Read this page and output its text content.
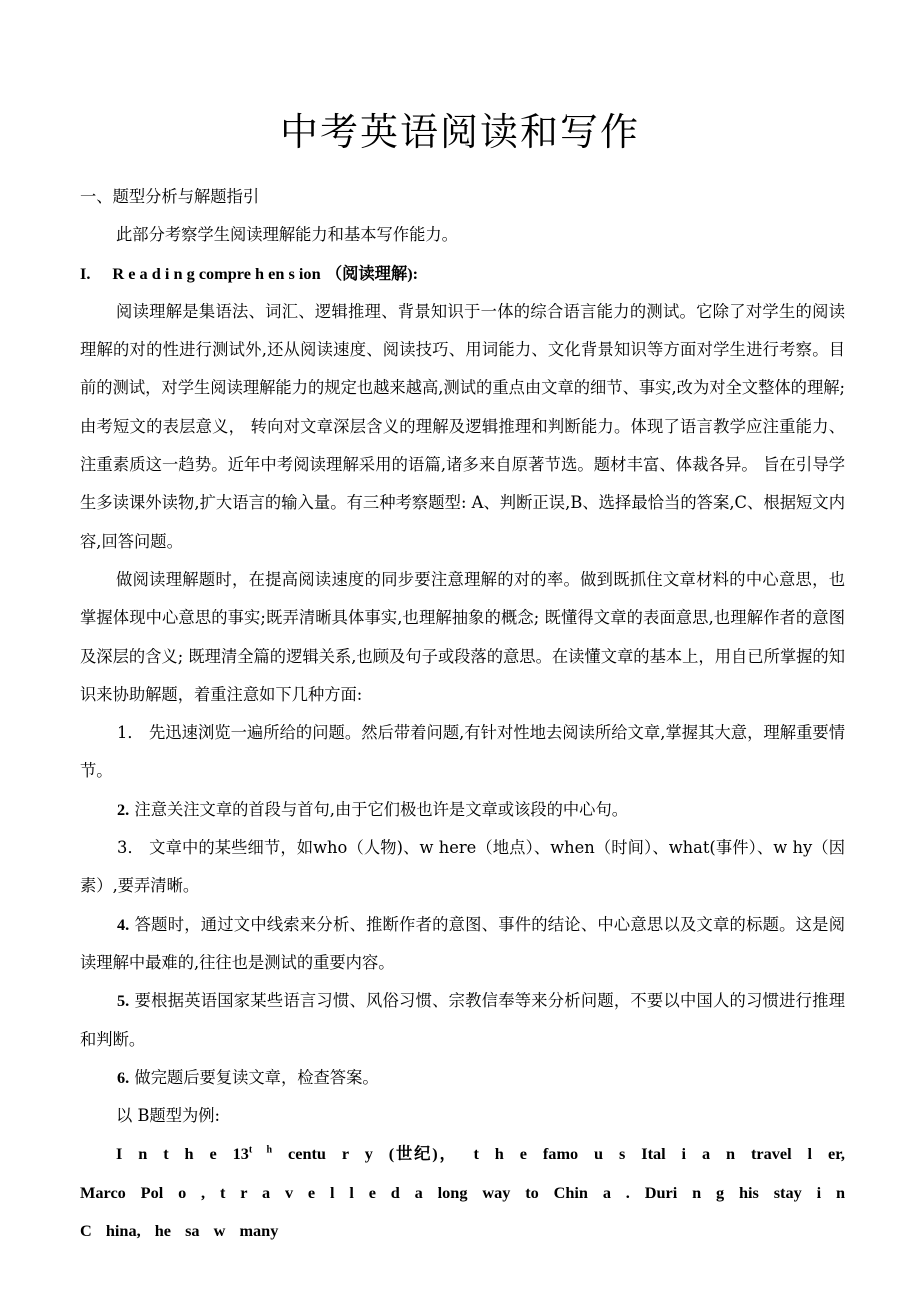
中考英语阅读和写作

一、题型分析与解题指引

此部分考察学生阅读理解能力和基本写作能力。

I. R e a d i n g compre h en s ion （阅读理解):

阅读理解是集语法、词汇、逻辑推理、背景知识于一体的综合语言能力的测试。它除了对学生的阅读理解的对的性进行测试外,还从阅读速度、阅读技巧、用词能力、文化背景知识等方面对学生进行考察。目前的测试，对学生阅读理解能力的规定也越来越高,测试的重点由文章的细节、事实,改为对全文整体的理解;由考短文的表层意义， 转向对文章深层含义的理解及逻辑推理和判断能力。体现了语言教学应注重能力、注重素质这一趋势。近年中考阅读理解采用的语篇,诸多来自原著节选。题材丰富、体裁各异。 旨在引导学生多读课外读物,扩大语言的输入量。有三种考察题型: A、判断正误,B、选择最恰当的答案,C、根据短文内容,回答问题。

做阅读理解题时，在提高阅读速度的同步要注意理解的对的率。做到既抓住文章材料的中心意思，也掌握体现中心意思的事实;既弄清晰具体事实,也理解抽象的概念; 既懂得文章的表面意思,也理解作者的意图及深层的含义; 既理清全篇的逻辑关系,也顾及句子或段落的意思。在读懂文章的基本上，用自已所掌握的知识来协助解题，着重注意如下几种方面:

1． 先迅速浏览一遍所给的问题。然后带着问题,有针对性地去阅读所给文章,掌握其大意，理解重要情节。

2. 注意关注文章的首段与首句,由于它们极也许是文章或该段的中心句。

3． 文章中的某些细节，如who（人物)、w here（地点）、when（时间）、what(事件）、w hy（因素）,要弄清晰。

4. 答题时，通过文中线索来分析、推断作者的意图、事件的结论、中心意思以及文章的标题。这是阅读理解中最难的,往往也是测试的重要内容。

5. 要根据英语国家某些语言习惯、风俗习惯、宗教信奉等来分析问题，不要以中国人的习惯进行推理和判断。

6. 做完题后要复读文章，检查答案。

以 B题型为例:

I n t h e $13^{t h}$ centu r y (世纪)， t h e famo u s Ital i a n travel l er, Marco Pol o , t r a v e l l e d a long way to Chin a . Duri n g his stay i n C hina, he sa w many
